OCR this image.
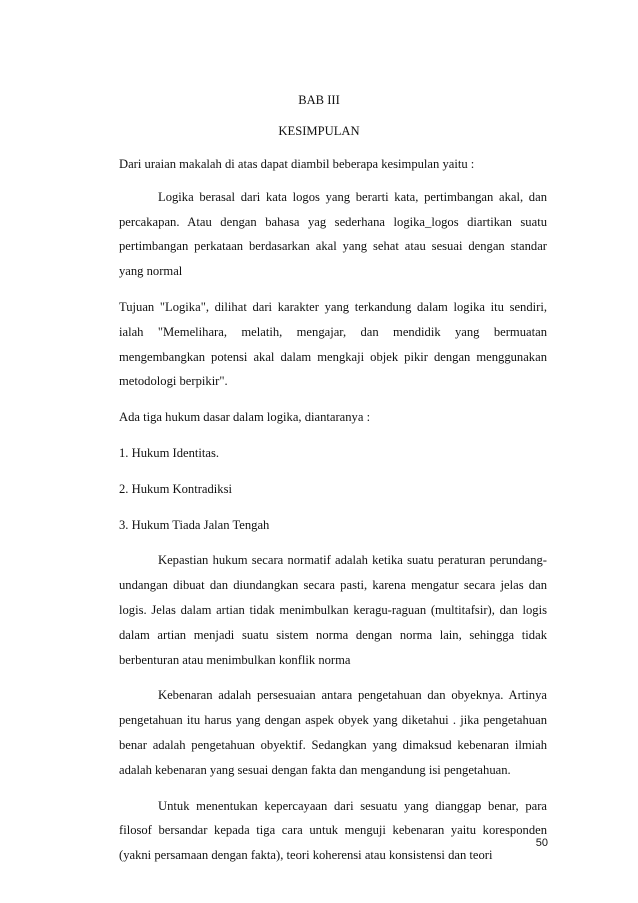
BAB III
KESIMPULAN

Dari uraian makalah di atas dapat diambil beberapa kesimpulan yaitu :

Logika berasal dari kata logos yang berarti kata, pertimbangan akal, dan percakapan. Atau dengan bahasa yag sederhana logika_logos diartikan suatu pertimbangan perkataan berdasarkan akal yang sehat atau sesuai dengan standar yang normal

Tujuan "Logika", dilihat dari karakter yang terkandung dalam logika itu sendiri, ialah "Memelihara, melatih, mengajar, dan mendidik yang bermuatan mengembangkan potensi akal dalam mengkaji objek pikir dengan menggunakan metodologi berpikir".

Ada tiga hukum dasar dalam logika, diantaranya :

1. Hukum Identitas.

2. Hukum Kontradiksi

3. Hukum Tiada Jalan Tengah

Kepastian hukum secara normatif adalah ketika suatu peraturan perundang-undangan dibuat dan diundangkan secara pasti, karena mengatur secara jelas dan logis. Jelas dalam artian tidak menimbulkan keragu-raguan (multitafsir), dan logis dalam artian menjadi suatu sistem norma dengan norma lain, sehingga tidak berbenturan atau menimbulkan konflik norma

Kebenaran adalah persesuaian antara pengetahuan dan obyeknya. Artinya pengetahuan itu harus yang dengan aspek obyek yang diketahui . jika pengetahuan benar adalah pengetahuan obyektif. Sedangkan yang dimaksud kebenaran ilmiah adalah kebenaran yang sesuai dengan fakta dan mengandung isi pengetahuan.

Untuk menentukan kepercayaan dari sesuatu yang dianggap benar, para filosof bersandar kepada tiga cara untuk menguji kebenaran yaitu koresponden (yakni persamaan dengan fakta), teori koherensi atau konsistensi dan teori

50
